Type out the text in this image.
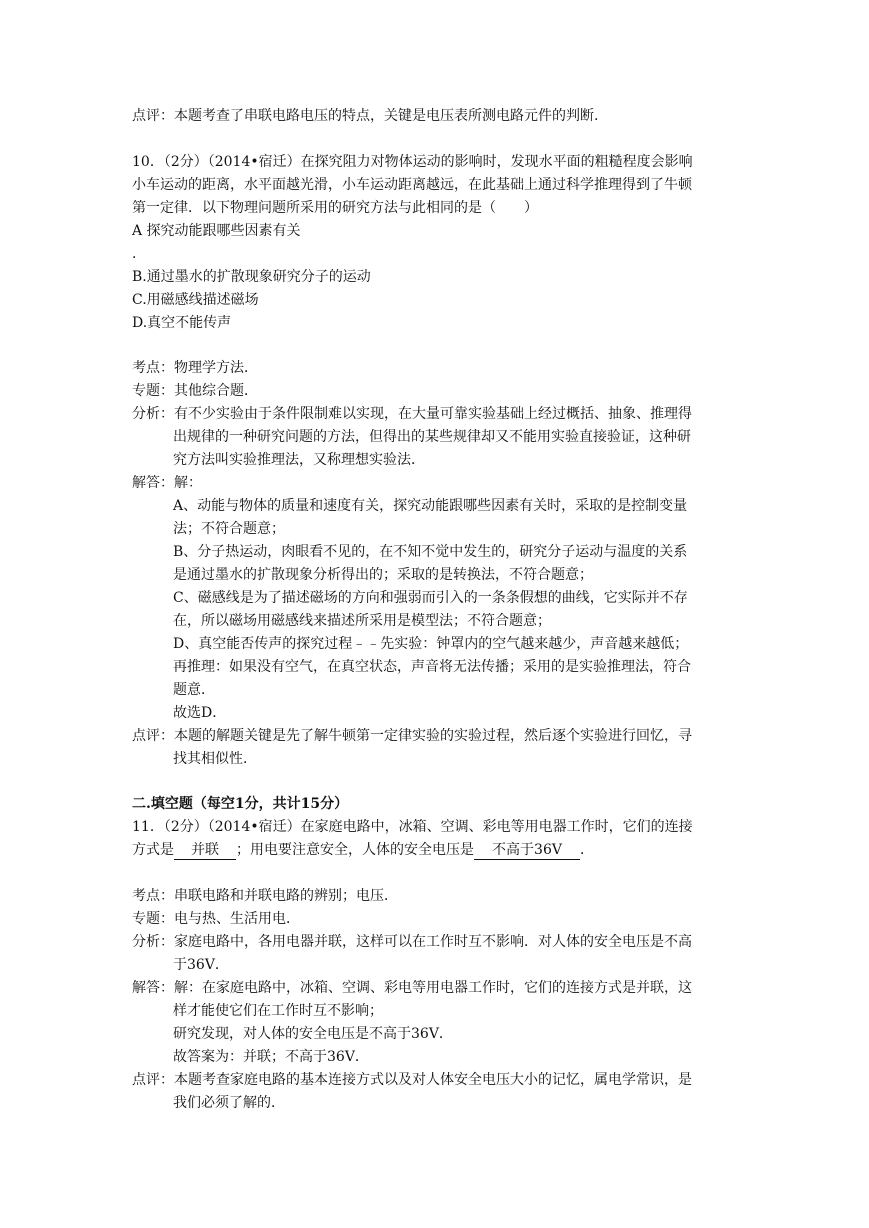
点评：本题考查了串联电路电压的特点，关键是电压表所测电路元件的判断.
10．（2分）（2014•宿迁）在探究阻力对物体运动的影响时，发现水平面的粗糙程度会影响
小车运动的距离，水平面越光滑，小车运动距离越远，在此基础上通过科学推理得到了牛顿
第一定律．以下物理问题所采用的研究方法与此相同的是（　　）
A 探究动能跟哪些因素有关
.
B.通过墨水的扩散现象研究分子的运动
C.用磁感线描述磁场
D.真空不能传声
考点：物理学方法．
专题：其他综合题．
分析：有不少实验由于条件限制难以实现，在大量可靠实验基础上经过概括、抽象、推理得
出规律的一种研究问题的方法，但得出的某些规律却又不能用实验直接验证，这种研
究方法叫实验推理法，又称理想实验法．
解答：解：
A、动能与物体的质量和速度有关，探究动能跟哪些因素有关时，采取的是控制变量
法；不符合题意；
B、分子热运动，肉眼看不见的，在不知不觉中发生的，研究分子运动与温度的关系
是通过墨水的扩散现象分析得出的；采取的是转换法，不符合题意；
C、磁感线是为了描述磁场的方向和强弱而引入的一条条假想的曲线，它实际并不存
在，所以磁场用磁感线来描述所采用是模型法；不符合题意；
D、真空能否传声的探究过程﹣﹣先实验：钟罩内的空气越来越少，声音越来越低；
再推理：如果没有空气，在真空状态，声音将无法传播；采用的是实验推理法，符合
题意．
故选D．
点评：本题的解题关键是先了解牛顿第一定律实验的实验过程，然后逐个实验进行回忆，寻
找其相似性．
二.填空题（每空1分，共计15分）
11．（2分）（2014•宿迁）在家庭电路中，冰箱、空调、彩电等用电器工作时，它们的连接
方式是 并联 ；用电要注意安全，人体的安全电压是 不高于36V ．
考点：串联电路和并联电路的辨别；电压．
专题：电与热、生活用电．
分析：家庭电路中，各用电器并联，这样可以在工作时互不影响．对人体的安全电压是不高
于36V．
解答：解：在家庭电路中，冰箱、空调、彩电等用电器工作时，它们的连接方式是并联，这
样才能使它们在工作时互不影响；
研究发现，对人体的安全电压是不高于36V．
故答案为：并联；不高于36V．
点评：本题考查家庭电路的基本连接方式以及对人体安全电压大小的记忆，属电学常识，是
我们必须了解的．
